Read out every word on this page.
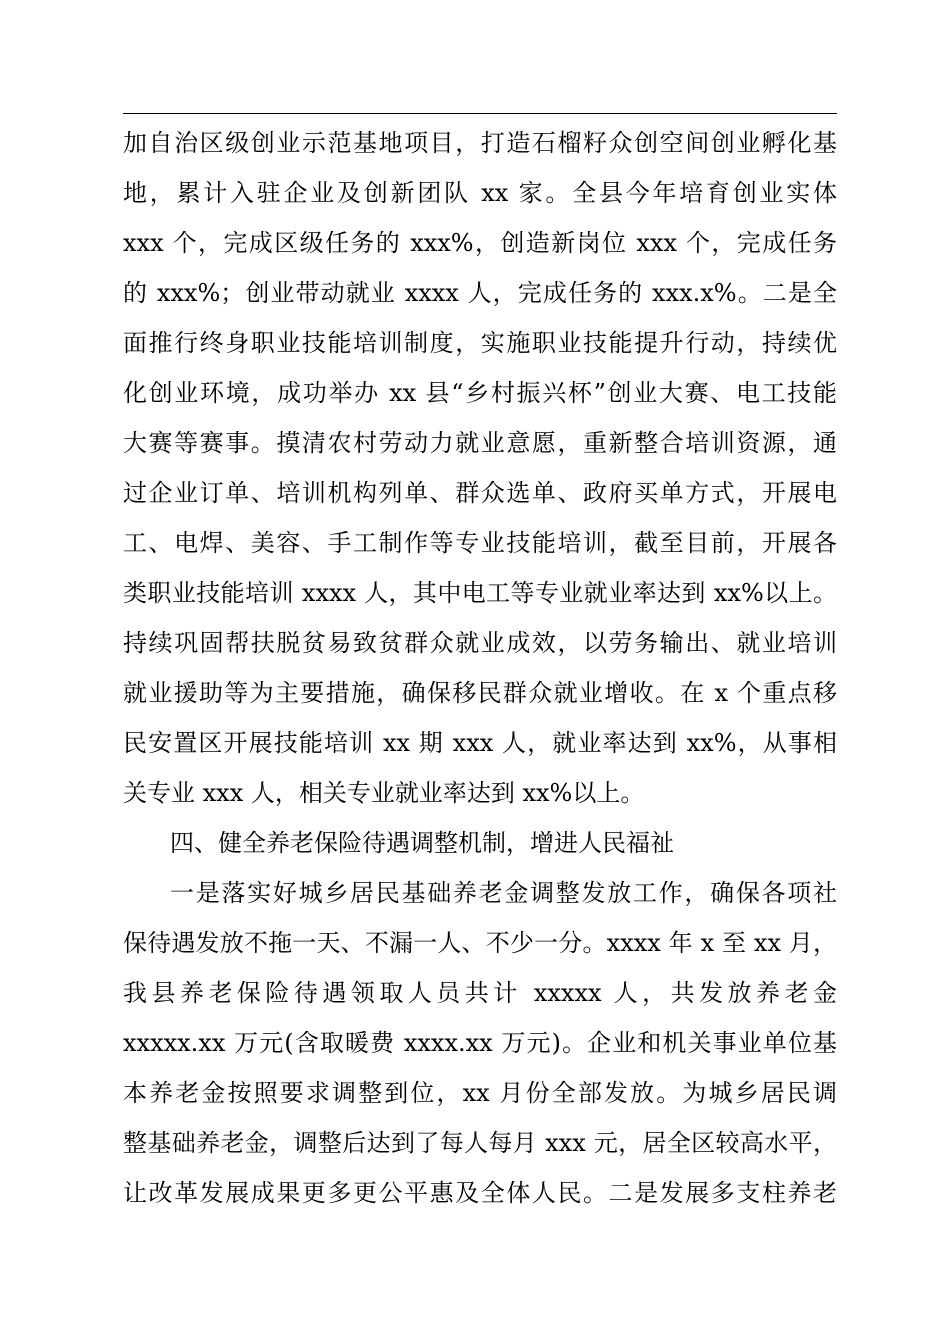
加自治区级创业示范基地项目，打造石榴籽众创空间创业孵化基
地，累计入驻企业及创新团队 xx 家。全县今年培育创业实体
xxx 个，完成区级任务的 xxx%，创造新岗位 xxx 个，完成任务
的 xxx%；创业带动就业 xxxx 人，完成任务的 xxx.x%。二是全
面推行终身职业技能培训制度，实施职业技能提升行动，持续优
化创业环境，成功举办 xx 县“乡村振兴杯”创业大赛、电工技能
大赛等赛事。摸清农村劳动力就业意愿，重新整合培训资源，通
过企业订单、培训机构列单、群众选单、政府买单方式，开展电
工、电焊、美容、手工制作等专业技能培训，截至目前，开展各
类职业技能培训 xxxx 人，其中电工等专业就业率达到 xx%以上。
持续巩固帮扶脱贫易致贫群众就业成效，以劳务输出、就业培训
就业援助等为主要措施，确保移民群众就业增收。在 x 个重点移
民安置区开展技能培训 xx 期 xxx 人，就业率达到 xx%，从事相
关专业 xxx 人，相关专业就业率达到 xx%以上。
四、健全养老保险待遇调整机制，增进人民福祉
一是落实好城乡居民基础养老金调整发放工作，确保各项社
保待遇发放不拖一天、不漏一人、不少一分。xxxx 年 x 至 xx 月，
我县养老保险待遇领取人员共计 xxxxx 人，共发放养老金
xxxxx.xx 万元(含取暖费 xxxx.xx 万元)。企业和机关事业单位基
本养老金按照要求调整到位，xx 月份全部发放。为城乡居民调
整基础养老金，调整后达到了每人每月 xxx 元，居全区较高水平，
让改革发展成果更多更公平惠及全体人民。二是发展多支柱养老
